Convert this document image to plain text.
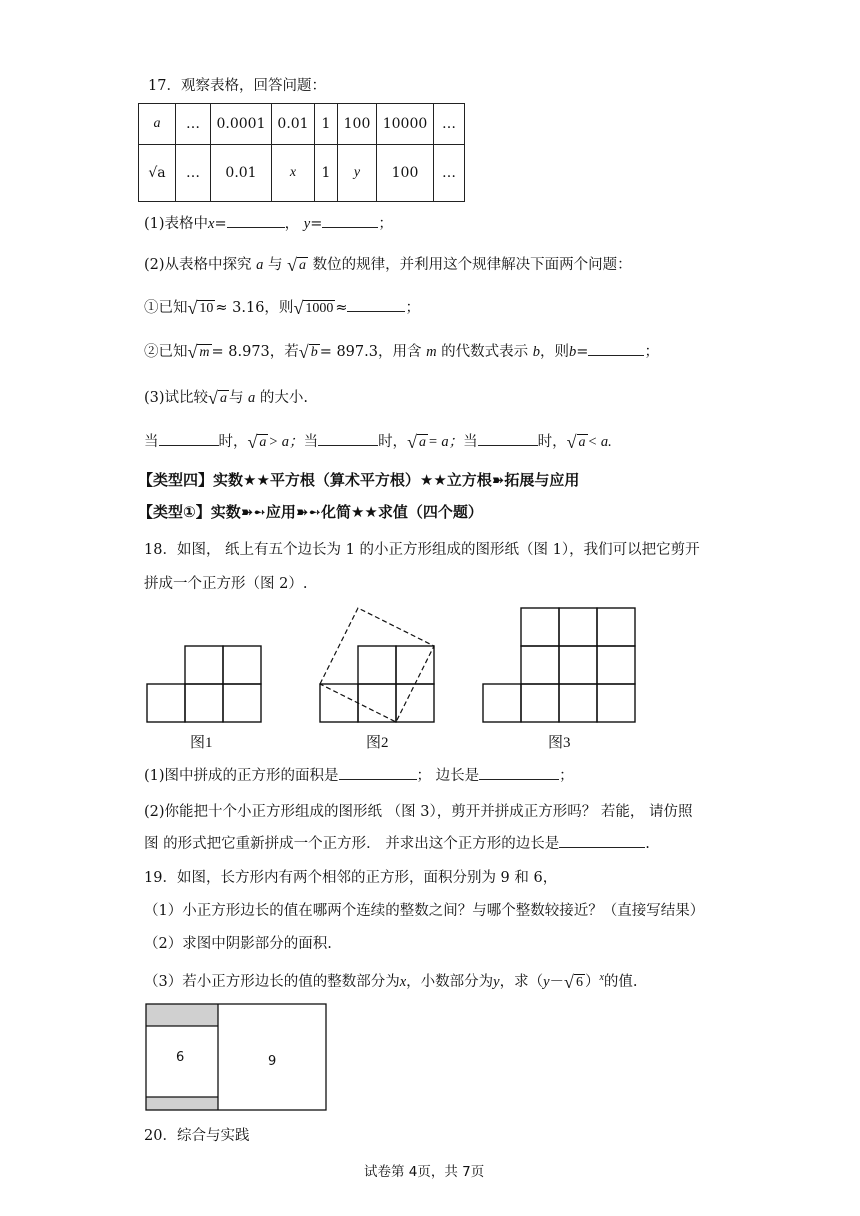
17．观察表格，回答问题：
a	…	0.0001	0.01	1	100	10000	…
√a	…	0.01	x	1	y	100	…
(1)表格中x=	， y=	；
(2)从表格中探究 a 与 √ a 数位的规律，并利用这个规律解决下面两个问题：
①已知 √ 10 ≈ 3.16，则 √ 1000 ≈	；
②已知 √ m = 8.973，若 √ b = 897.3，用含 m 的代数式表示 b，则b=	；
(3)试比较 √ a 与 a 的大小.
当	时， √ a > a；当	时， √ a = a；当	时， √ a < a.
【类型四】实数★★平方根（算术平方根）★★立方根➽拓展与应用
【类型①】实数➽➻应用➽➻化简★★求值（四个题）
18．如图， 纸上有五个边长为 1 的小正方形组成的图形纸（图 1），我们可以把它剪开
拼成一个正方形（图 2）.
图1	图2	图3
(1)图中拼成的正方形的面积是	； 边长是	；
(2)你能把十个小正方形组成的图形纸 （图 3），剪开并拼成正方形吗？ 若能， 请仿照
图 的形式把它重新拼成一个正方形． 并求出这个正方形的边长是	.
19．如图，长方形内有两个相邻的正方形，面积分别为 9 和 6，
（1）小正方形边长的值在哪两个连续的整数之间？与哪个整数较接近？（直接写结果）
（2）求图中阴影部分的面积.
（3）若小正方形边长的值的整数部分为x，小数部分为y，求（y－ √ 6 ）$^x$的值.
6	9
20．综合与实践
试卷第 4页，共 7页
